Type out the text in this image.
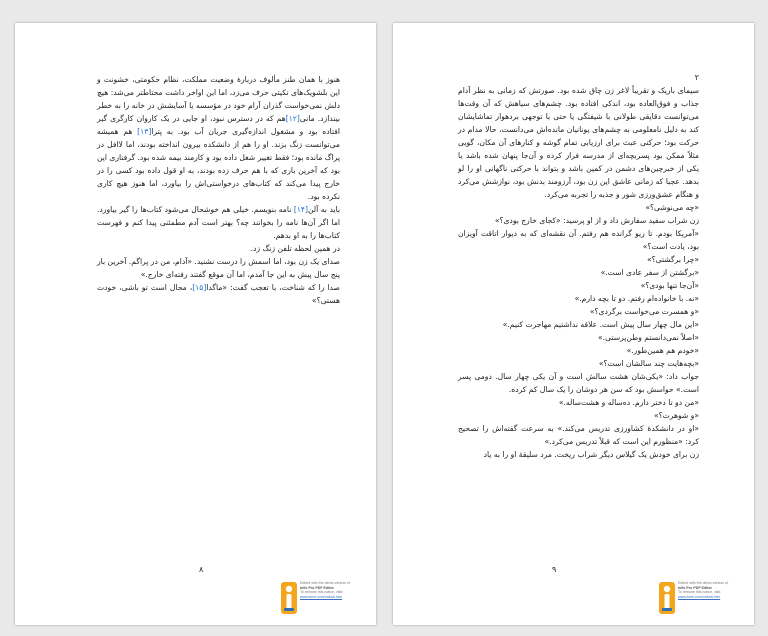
هنوز با همان طنز مألوف دربارهٔ وضعیت مملکت، نظام حکومتی، خشونت و این بلشویک‌های تکیتی حرف می‌زد، اما این اواخر داشت محتاطتر می‌شد: هیچ دلش نمی‌خواست گذران آرام خود در مؤسسه یا آسایشش در خانه را به خطر بیندازد. مانی[۱۲]هم که در دسترس نبود، او جایی در یک کاروان کارگری گیر افتاده بود و مشغول اندازه‌گیری جریان آب بود. به پترا[۱۳] هم همیشه می‌توانست زنگ بزند. او را هم از دانشکده بیرون انداخته بودند، اما لاافل در پراگ مانده بود؛ فقط تغییر شغل داده بود و کارمند بیمه شده بود. گرفتاری این بود که آخرین باری که با هم حرف زده بودند، به او قول داده بود کسی را در خارج پیدا می‌کند که کتاب‌های درخواستی‌اش را بیاورد، اما هنوز هیچ کاری نکرده بود.

باید به آلن[۱۴] نامه بنویسم. خیلی هم خوشحال می‌شود کتاب‌ها را گیر بیاورد. اما اگر آن‌ها نامه را بخوانند چه؟ بهتر است آدم مطمئنی پیدا کنم و فهرست کتاب‌ها را به او بدهم.

در همین لحظه تلفن زنگ زد.

صدای یک زن بود، اما اسمش را درست نشنید. «آدام، من در پراگم. آخرین بار پنج سال پیش به این جا آمدم، اما آن موقع گفتند رفته‌ای خارج.»

صدا را که شناخت، با تعجب گفت: «ماگدا[۱۵]، محال است تو باشی، خودت هستی؟»

۸
Edited with the demo version of
Infix Pro PDF Editor
To remove this notice, visit:
www.iceni.com/unlock.htm
۲

سیمای باریک و تقریباً لاغر زن چاق شده بود. صورتش که زمانی به نظر آدام جذاب و فوق‌العاده بود، اندکی افتاده بود. چشم‌های سیاهش که آن وقت‌ها می‌توانست دقایقی طولانی با شیفتگی یا حتی با توجهی بردهوار تماشایشان کند به دلیل نامعلومی به چشم‌های یونانیان مانده‌اش می‌دانست، حالا مدام در حرکت بود؛ حرکتی عبث برای ارزیابی تمام گوشه و کنارهای آن مکان، گویی مثلاً ممکن بود پسربچه‌ای از مدرسه فرار کرده و آن‌جا پنهان شده باشد یا یکی از خبرچین‌های دشمن در کمین باشد و بتواند با حرکتی ناگهانی او را لو بدهد. عجبا که زمانی عاشق این زن بود، آرزومند بدنش بود، نوازشش می‌کرد و هنگام عشق‌ورزی شور و جذبه را تجربه می‌کرد.

«چه می‌نوشی؟»

زن شراب سفید سفارش داد و از او پرسید: «کجای خارج بودی؟»

«آمریکا بودم. تا ریو گرانده هم رفتم. آن نقشه‌ای که به دیوار اتاقت آویزان بود، یادت است؟»

«چرا برگشتی؟»

«برگشتن از سفر عادی است.»

«آن‌جا تنها بودی؟»

«نه. با خانواده‌ام رفتم. دو تا بچه دارم.»

«و همسرت می‌خواست برگردی؟»

«این مال چهار سال پیش است. علاقه نداشتیم مهاجرت کنیم.»

«اصلاً نمی‌دانستم وطن‌پرستی.»

«خودم هم همین‌طور.»

«بچه‌هایت چند سالشان است؟»

جواب داد: «یکی‌شان هشت سالش است و آن یکی چهار سال. دومی پسر است.» حواسش بود که سن هر دوشان را یک سال کم کرده.

«من دو تا دختر دارم. ده‌ساله و هشت‌ساله.»

«و شوهرت؟»

«او در دانشکدهٔ کشاورزی تدریس می‌کند.» به سرعت گفته‌اش را تصحیح کرد: «منظورم این است که قبلاً تدریس می‌کرد.»

زن برای خودش یک گیلاس دیگر شراب ریخت. مرد سلیقهٔ او را به یاد

۹
Edited with the demo version of
Infix Pro PDF Editor
To remove this notice, visit:
www.iceni.com/unlock.htm
